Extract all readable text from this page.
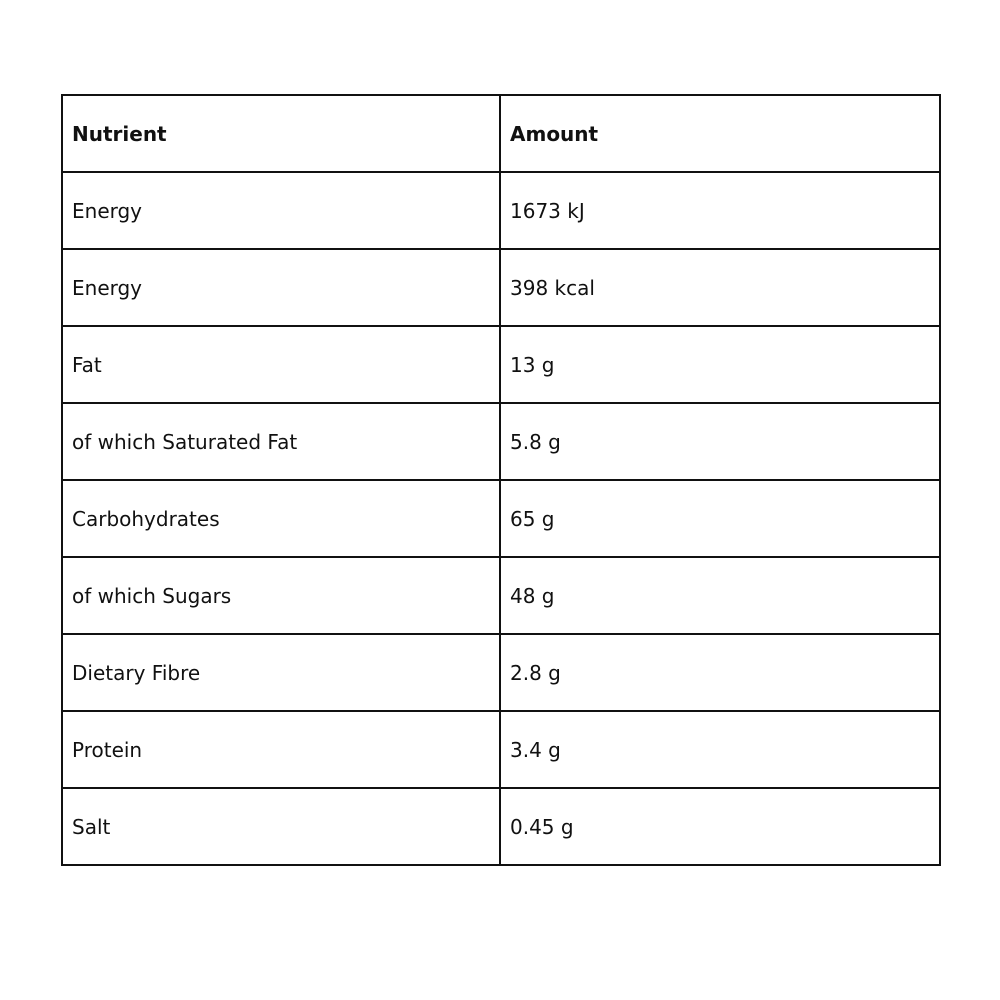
Nutrient	Amount
Energy	1673 kJ
Energy	398 kcal
Fat	13 g
of which Saturated Fat	5.8 g
Carbohydrates	65 g
of which Sugars	48 g
Dietary Fibre	2.8 g
Protein	3.4 g
Salt	0.45 g
